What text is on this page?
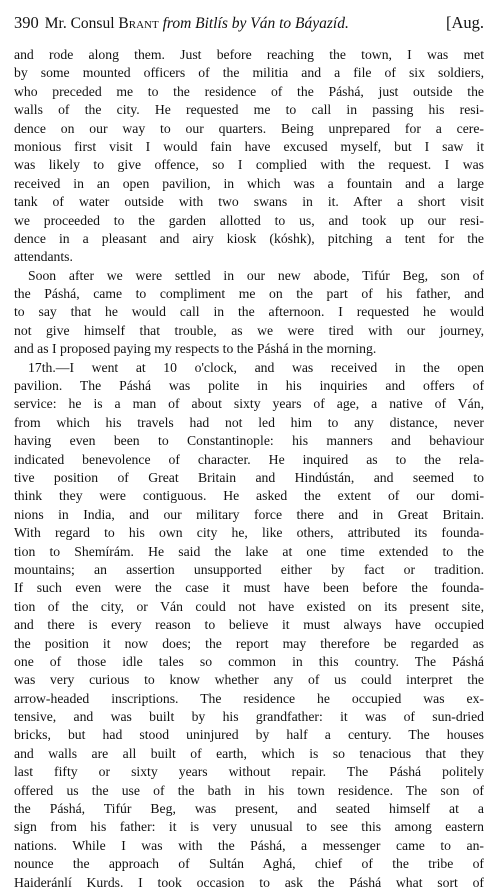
390 Mr. Consul Brant from Bitlís by Ván to Báyazíd.	[Aug.
and rode along them. Just before reaching the town, I was met
by some mounted officers of the militia and a file of six soldiers,
who preceded me to the residence of the Páshá, just outside the
walls of the city. He requested me to call in passing his resi-
dence on our way to our quarters. Being unprepared for a cere-
monious first visit I would fain have excused myself, but I saw it
was likely to give offence, so I complied with the request. I was
received in an open pavilion, in which was a fountain and a large
tank of water outside with two swans in it. After a short visit
we proceeded to the garden allotted to us, and took up our resi-
dence in a pleasant and airy kiosk (kóshk), pitching a tent for the
attendants.
Soon after we were settled in our new abode, Tifúr Beg, son of
the Páshá, came to compliment me on the part of his father, and
to say that he would call in the afternoon. I requested he would
not give himself that trouble, as we were tired with our journey,
and as I proposed paying my respects to the Páshá in the morning.
17th.—I went at 10 o'clock, and was received in the open
pavilion. The Páshá was polite in his inquiries and offers of
service: he is a man of about sixty years of age, a native of Ván,
from which his travels had not led him to any distance, never
having even been to Constantinople: his manners and behaviour
indicated benevolence of character. He inquired as to the rela-
tive position of Great Britain and Hindústán, and seemed to
think they were contiguous. He asked the extent of our domi-
nions in India, and our military force there and in Great Britain.
With regard to his own city he, like others, attributed its founda-
tion to Shemírám. He said the lake at one time extended to the
mountains; an assertion unsupported either by fact or tradition.
If such even were the case it must have been before the founda-
tion of the city, or Ván could not have existed on its present site,
and there is every reason to believe it must always have occupied
the position it now does; the report may therefore be regarded as
one of those idle tales so common in this country. The Páshá
was very curious to know whether any of us could interpret the
arrow-headed inscriptions. The residence he occupied was ex-
tensive, and was built by his grandfather: it was of sun-dried
bricks, but had stood uninjured by half a century. The houses
and walls are all built of earth, which is so tenacious that they
last fifty or sixty years without repair. The Páshá politely
offered us the use of the bath in his town residence. The son of
the Páshá, Tifúr Beg, was present, and seated himself at a
sign from his father: it is very unusual to see this among eastern
nations. While I was with the Páshá, a messenger came to an-
nounce the approach of Sultán Aghá, chief of the tribe of
Haideránlí Kurds. I took occasion to ask the Páshá what sort of
